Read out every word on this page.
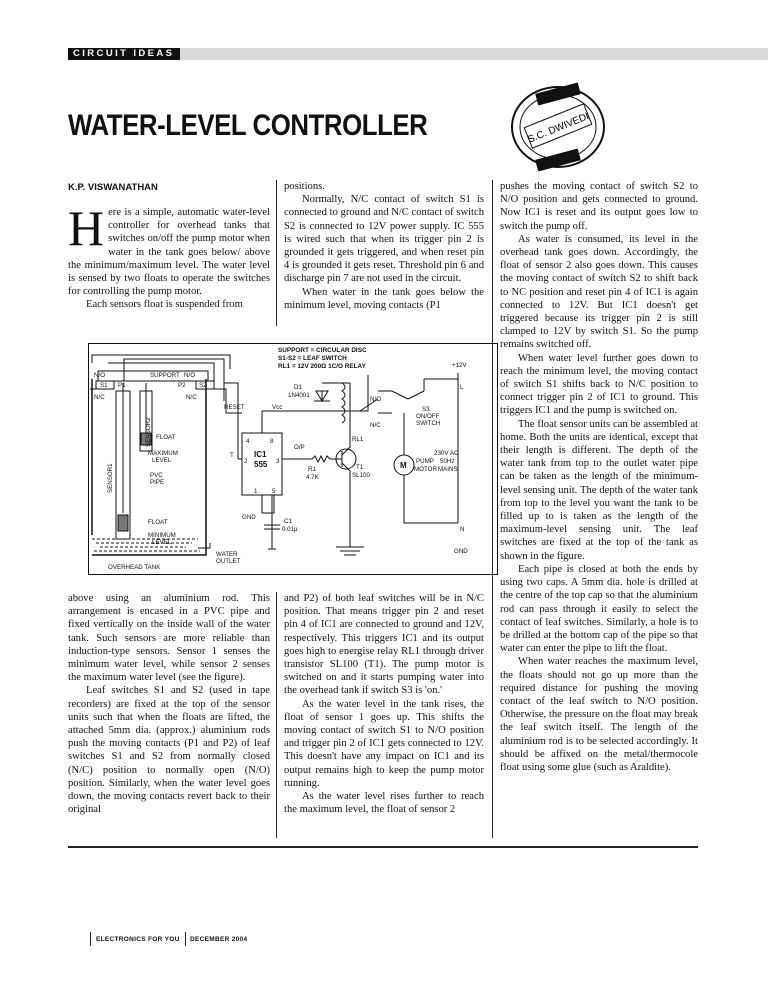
CIRCUIT IDEAS
WATER-LEVEL CONTROLLER	S.C. DWIVEDI
K.P. VISWANATHAN

Here is a simple, automatic water-level controller for overhead tanks that switches on/off the pump motor when water in the tank goes below/ above the minimum/maximum level. The water level is sensed by two floats to operate the switches for controlling the pump motor.

Each sensors float is suspended from

positions.

Normally, N/C contact of switch S1 is connected to ground and N/C contact of switch S2 is connected to 12V power supply. IC 555 is wired such that when its trigger pin 2 is grounded it gets triggered, and when reset pin 4 is grounded it gets reset. Threshold pin 6 and discharge pin 7 are not used in the circuit.

When water in the tank goes below the minimum level, moving contacts (P1

pushes the moving contact of switch S2 to N/O position and gets connected to ground. Now IC1 is reset and its output goes low to switch the pump off.

As water is consumed, its level in the overhead tank goes down. Accordingly, the float of sensor 2 also goes down. This causes the moving contact of switch S2 to shift back to NC position and reset pin 4 of IC1 is again connected to 12V. But IC1 doesn't get triggered because its trigger pin 2 is still clamped to 12V by switch S1. So the pump remains switched off.

When water level further goes down to reach the minimum level, the moving contact of switch S1 shifts back to N/C position to connect trigger pin 2 of IC1 to ground. This triggers IC1 and the pump is switched on.

The float sensor units can be assembled at home. Both the units are identical, except that their length is different. The depth of the water tank from top to the outlet water pipe can be taken as the length of the minimum-level sensing unit. The depth of the water tank from top to the level you want the tank to be filled up to is taken as the length of the maximum-level sensing unit. The leaf switches are fixed at the top of the tank as shown in the figure.

Each pipe is closed at both the ends by using two caps. A 5mm dia. hole is drilled at the centre of the top cap so that the aluminium rod can pass through it easily to select the contact of leaf switches. Similarly, a hole is to be drilled at the bottom cap of the pipe so that water can enter the pipe to lift the float.

When water reaches the maximum level, the floats should not go up more than the required distance for pushing the moving contact of the leaf switch to N/O position. Otherwise, the pressure on the float may break the leaf switch itself. The length of the aluminium rod is to be selected accordingly. It should be affixed on the metal/thermocole float using some glue (such as Araldite).

SUPPORT = CIRCULAR DISC
S1-S2 = LEAF SWITCH
RL1 = 12V 200Ω 1C/O RELAY
N/O
N/C
S1 P1
SUPPORT
P2 S2
N/O
N/C
SENSOR2
SENSOR1
FLOAT
MAXIMUM
LEVEL
PVC
PIPE
FLOAT
MINIMUM
LEVEL
OVERHEAD TANK
WATER
OUTLET
RESET	Vcc
4	8
T
2
IC1
555 3
1 5
GND
D1
1N4001
O/P
R1
4.7K
T1
SL100
RL1
N/O
N/C
S3
ON/OFF
SWITCH
+12V
L
230V AC
50Hz
MAINS
M PUMP
MOTOR
C1
0.01µ	N
GND

above using an aluminium rod. This arrangement is encased in a PVC pipe and fixed vertically on the inside wall of the water tank. Such sensors are more reliable than induction-type sensors. Sensor 1 senses the minimum water level, while sensor 2 senses the maximum water level (see the figure).

Leaf switches S1 and S2 (used in tape recorders) are fixed at the top of the sensor units such that when the floats are lifted, the attached 5mm dia. (approx.) aluminium rods push the moving contacts (P1 and P2) of leaf switches S1 and S2 from normally closed (N/C) position to normally open (N/O) position. Similarly, when the water level goes down, the moving contacts revert back to their original

and P2) of both leaf switches will be in N/C position. That means trigger pin 2 and reset pin 4 of IC1 are connected to ground and 12V, respectively. This triggers IC1 and its output goes high to energise relay RL1 through driver transistor SL100 (T1). The pump motor is switched on and it starts pumping water into the overhead tank if switch S3 is 'on.'

As the water level in the tank rises, the float of sensor 1 goes up. This shifts the moving contact of switch S1 to N/O position and trigger pin 2 of IC1 gets connected to 12V. This doesn't have any impact on IC1 and its output remains high to keep the pump motor running.

As the water level rises further to reach the maximum level, the float of sensor 2

ELECTRONICS FOR YOU DECEMBER 2004
